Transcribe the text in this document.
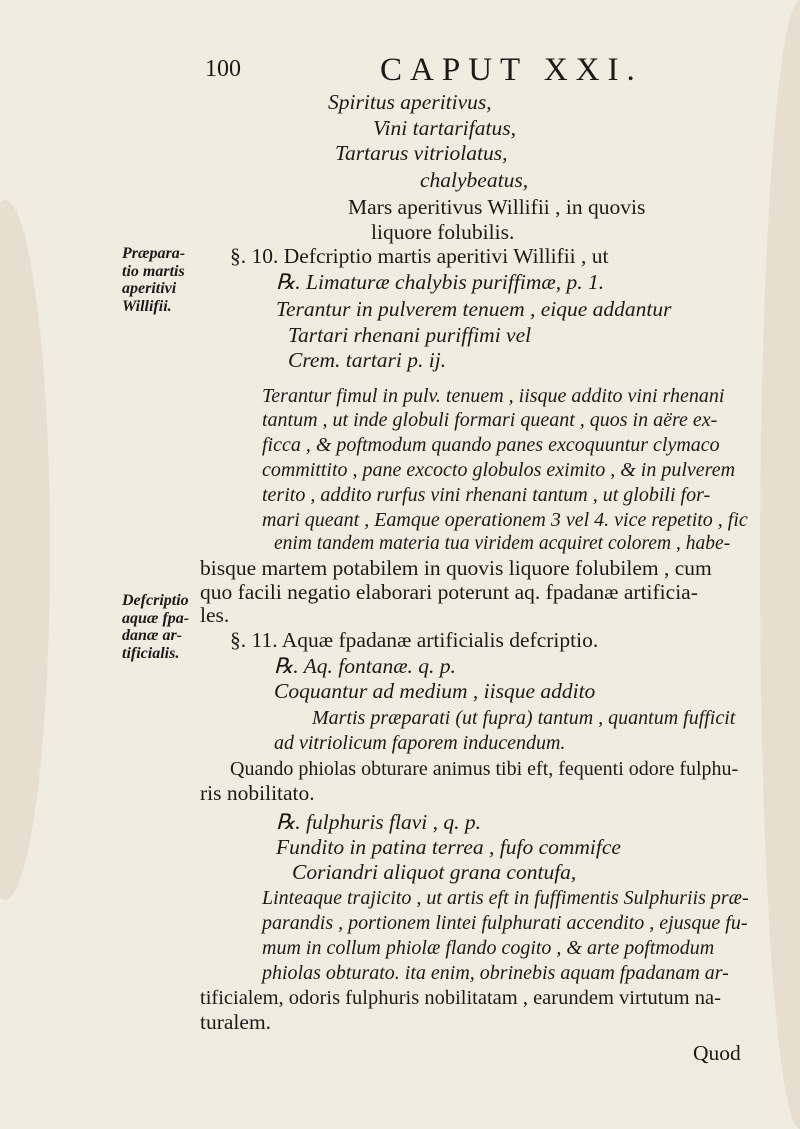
100	CAPUT XXI.
Præpara-
tio martis
aperitivi
Willifii.
Defcriptio
aquæ fpa-
danæ ar-
tificialis.
Spiritus aperitivus,
Vini tartarifatus,
Tartarus vitriolatus,
chalybeatus,
Mars aperitivus Willifii , in quovis
liquore folubilis.
§. 10. Defcriptio martis aperitivi Willifii , ut
℞. Limaturæ chalybis puriffimæ, p. 1.
Terantur in pulverem tenuem , eique addantur
Tartari rhenani puriffimi vel
Crem. tartari p. ij.
Terantur fimul in pulv. tenuem , iisque addito vini rhenani
tantum , ut inde globuli formari queant , quos in aëre ex-
ficca , & poftmodum quando panes excoquuntur clymaco
committito , pane excocto globulos eximito , & in pulverem
terito , addito rurfus vini rhenani tantum , ut globili for-
mari queant , Eamque operationem 3 vel 4. vice repetito , fic
enim tandem materia tua viridem acquiret colorem , habe-
bisque martem potabilem in quovis liquore folubilem , cum
quo facili negatio elaborari poterunt aq. fpadanæ artificia-
les.
§. 11. Aquæ fpadanæ artificialis defcriptio.
℞. Aq. fontanæ. q. p.
Coquantur ad medium , iisque addito
Martis præparati (ut fupra) tantum , quantum fufficit
ad vitriolicum faporem inducendum.
Quando phiolas obturare animus tibi eft, fequenti odore fulphu-
ris nobilitato.
℞. fulphuris flavi , q. p.
Fundito in patina terrea , fufo commifce
Coriandri aliquot grana contufa,
Linteaque trajicito , ut artis eft in fuffimentis Sulphuriis præ-
parandis , portionem lintei fulphurati accendito , ejusque fu-
mum in collum phiolæ flando cogito , & arte poftmodum
phiolas obturato. ita enim, obrinebis aquam fpadanam ar-
tificialem, odoris fulphuris nobilitatam , earundem virtutum na-
turalem.
Quod
